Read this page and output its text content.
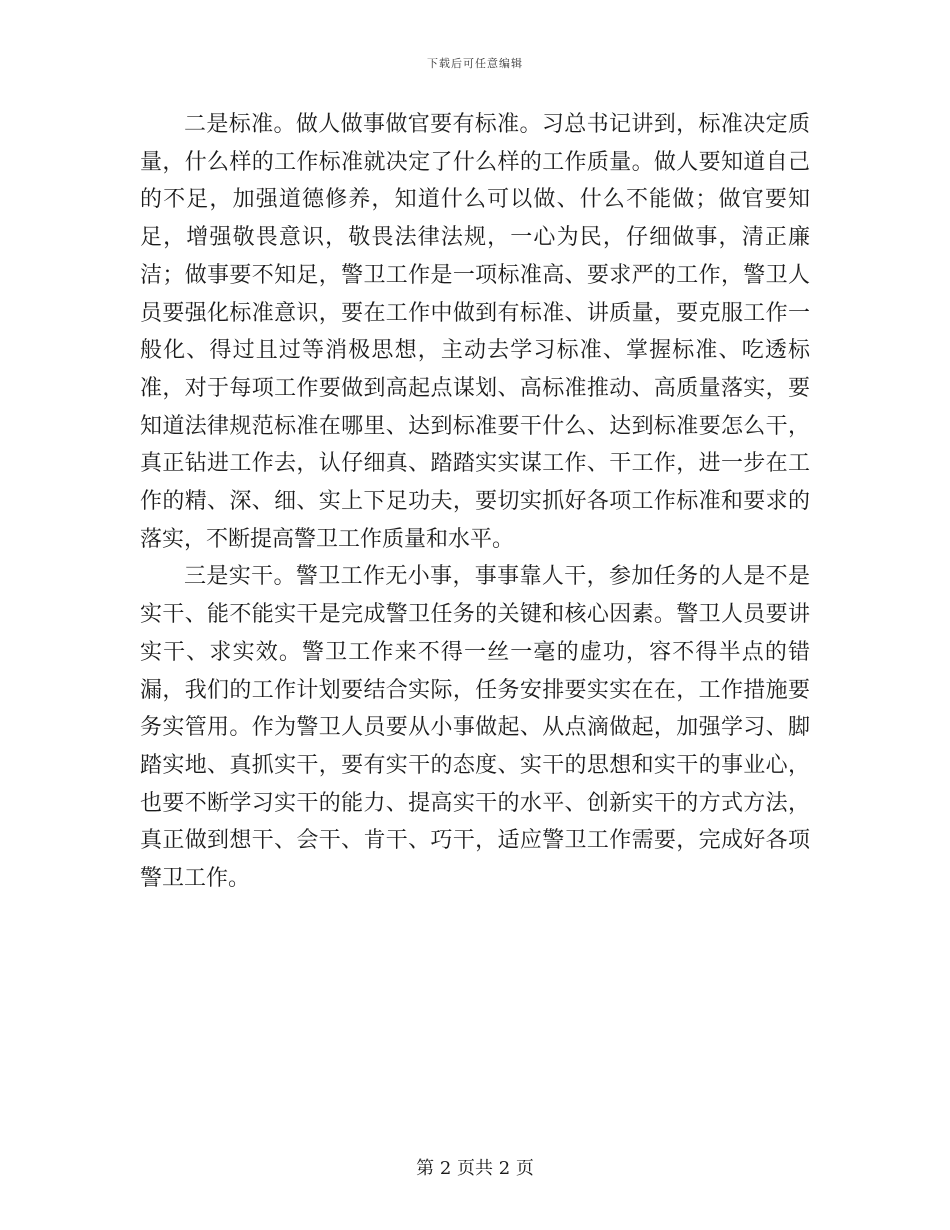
下载后可任意编辑

二是标准。做人做事做官要有标准。习总书记讲到，标准决定质量，什么样的工作标准就决定了什么样的工作质量。做人要知道自己的不足，加强道德修养，知道什么可以做、什么不能做；做官要知足，增强敬畏意识，敬畏法律法规，一心为民，仔细做事，清正廉洁；做事要不知足，警卫工作是一项标准高、要求严的工作，警卫人员要强化标准意识，要在工作中做到有标准、讲质量，要克服工作一般化、得过且过等消极思想，主动去学习标准、掌握标准、吃透标准，对于每项工作要做到高起点谋划、高标准推动、高质量落实，要知道法律规范标准在哪里、达到标准要干什么、达到标准要怎么干，真正钻进工作去，认仔细真、踏踏实实谋工作、干工作，进一步在工作的精、深、细、实上下足功夫，要切实抓好各项工作标准和要求的落实，不断提高警卫工作质量和水平。

三是实干。警卫工作无小事，事事靠人干，参加任务的人是不是实干、能不能实干是完成警卫任务的关键和核心因素。警卫人员要讲实干、求实效。警卫工作来不得一丝一毫的虚功，容不得半点的错漏，我们的工作计划要结合实际，任务安排要实实在在，工作措施要务实管用。作为警卫人员要从小事做起、从点滴做起，加强学习、脚踏实地、真抓实干，要有实干的态度、实干的思想和实干的事业心，也要不断学习实干的能力、提高实干的水平、创新实干的方式方法，真正做到想干、会干、肯干、巧干，适应警卫工作需要，完成好各项警卫工作。

第 2 页共 2 页
